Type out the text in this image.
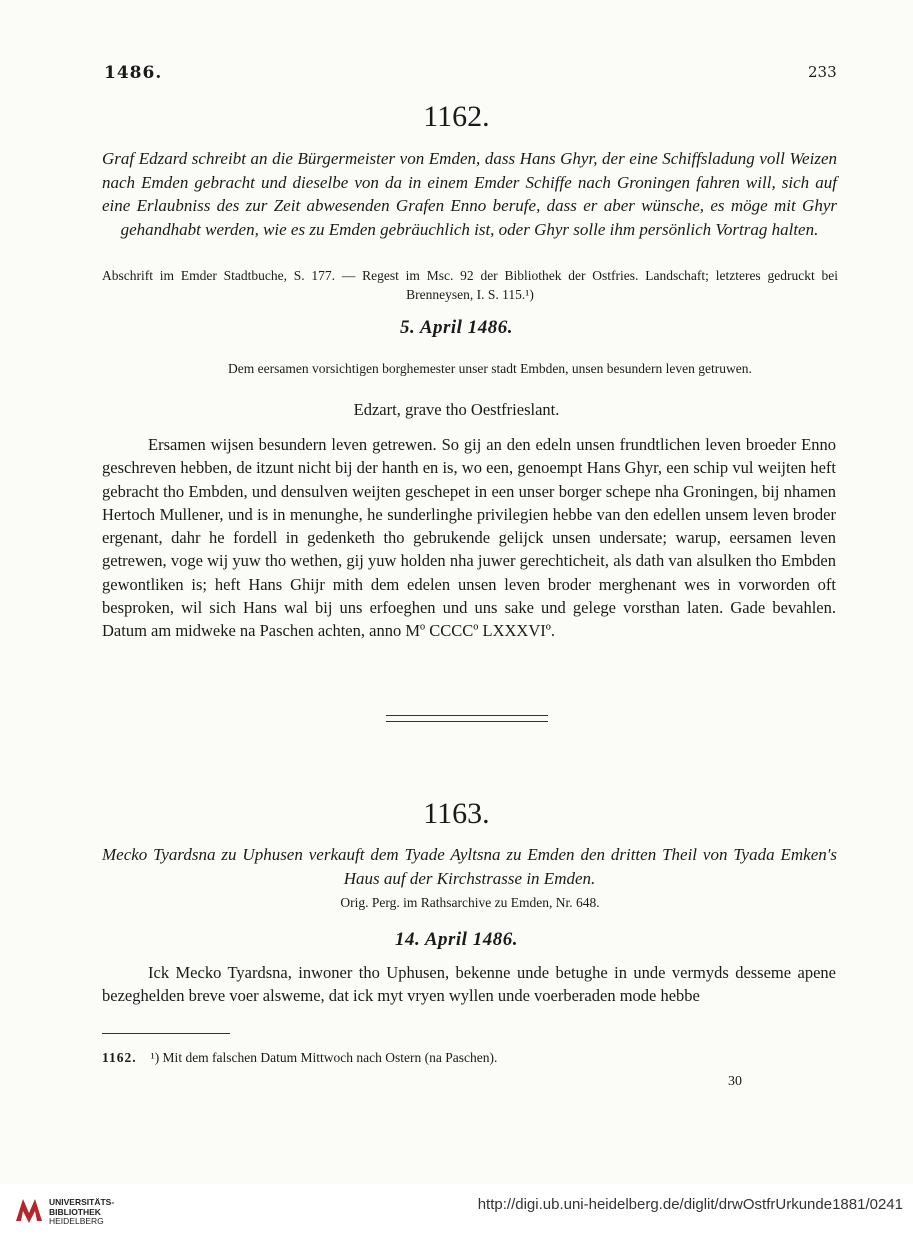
1486.	233
1162.
Graf Edzard schreibt an die Bürgermeister von Emden, dass Hans Ghyr, der eine Schiffsladung voll Weizen nach Emden gebracht und dieselbe von da in einem Emder Schiffe nach Groningen fahren will, sich auf eine Erlaubniss des zur Zeit abwesenden Grafen Enno berufe, dass er aber wünsche, es möge mit Ghyr gehandhabt werden, wie es zu Emden gebräuchlich ist, oder Ghyr solle ihm persönlich Vortrag halten.
Abschrift im Emder Stadtbuche, S. 177. — Regest im Msc. 92 der Bibliothek der Ostfries. Landschaft; letzteres gedruckt bei Brenneysen, I. S. 115.¹)
5. April 1486.
Dem eersamen vorsichtigen borghemester unser stadt Embden, unsen besundern leven getruwen.
Edzart, grave tho Oestfrieslant.
Ersamen wijsen besundern leven getrewen. So gij an den edeln unsen frundtlichen leven broeder Enno geschreven hebben, de itzunt nicht bij der hanth en is, wo een, genoempt Hans Ghyr, een schip vul weijten heft gebracht tho Embden, und densulven weijten geschepet in een unser borger schepe nha Groningen, bij nhamen Hertoch Mullener, und is in menunghe, he sunderlinghe privilegien hebbe van den edellen unsem leven broder ergenant, dahr he fordell in gedenketh tho gebrukende gelijck unsen undersate; warup, eersamen leven getrewen, voge wij yuw tho wethen, gij yuw holden nha juwer gerechticheit, als dath van alsulken tho Embden gewontliken is; heft Hans Ghijr mith dem edelen unsen leven broder merghenant wes in vorworden oft besproken, wil sich Hans wal bij uns erfoeghen und uns sake und gelege vorsthan laten. Gade bevahlen. Datum am midweke na Paschen achten, anno Mº CCCCº LXXXVIº.
1163.
Mecko Tyardsna zu Uphusen verkauft dem Tyade Ayltsna zu Emden den dritten Theil von Tyada Emken's Haus auf der Kirchstrasse in Emden.
Orig. Perg. im Rathsarchive zu Emden, Nr. 648.
14. April 1486.
Ick Mecko Tyardsna, inwoner tho Uphusen, bekenne unde betughe in unde vermyds desseme apene bezeghelden breve voer alsweme, dat ick myt vryen wyllen unde voerberaden mode hebbe
1162. ¹) Mit dem falschen Datum Mittwoch nach Ostern (na Paschen).
30
UNIVERSITÄTS-
BIBLIOTHEK
HEIDELBERG
http://digi.ub.uni-heidelberg.de/diglit/drwOstfrUrkunde1881/0241
